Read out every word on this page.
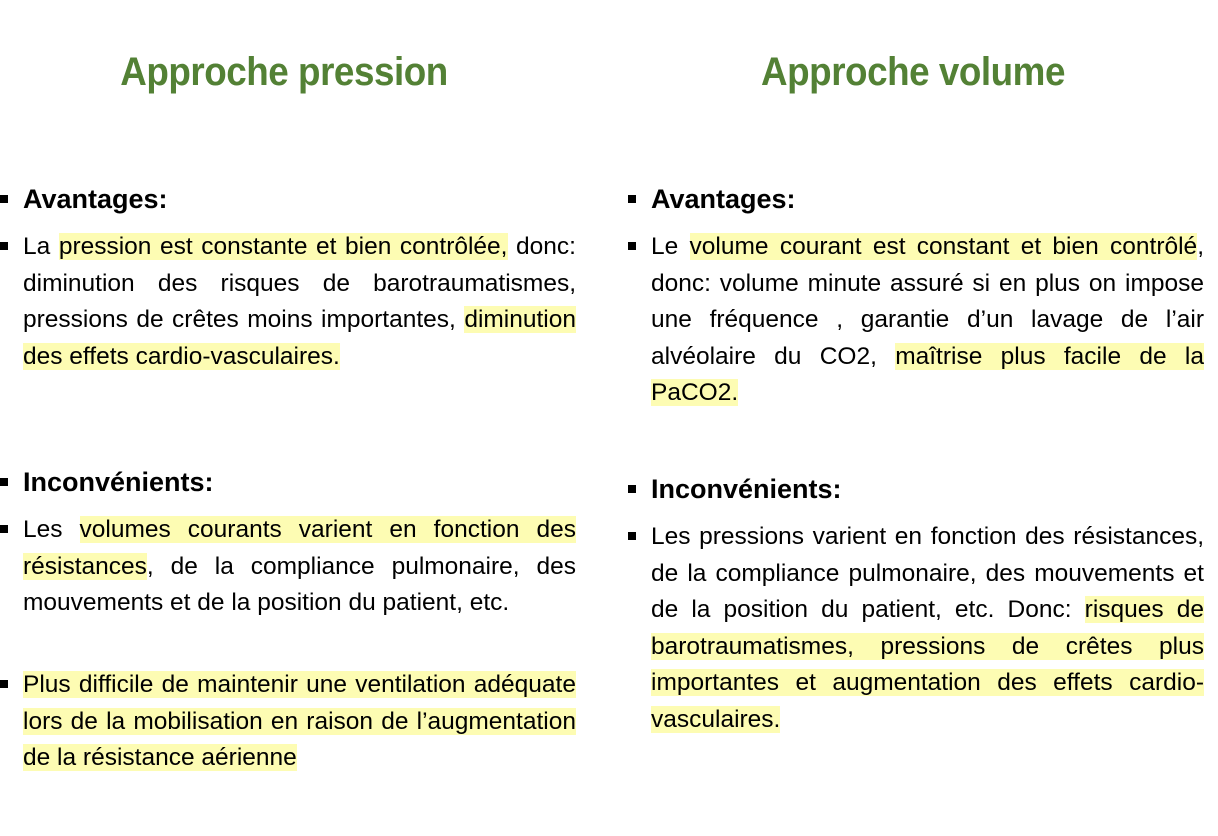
Approche pression
Avantages:
La pression est constante et bien contrôlée, donc: diminution des risques de barotraumatismes, pressions de crêtes moins importantes, diminution des effets cardio-vasculaires.
Inconvénients:
Les volumes courants varient en fonction des résistances, de la compliance pulmonaire, des mouvements et de la position du patient, etc.
Plus difficile de maintenir une ventilation adéquate lors de la mobilisation en raison de l’augmentation de la résistance aérienne
Approche volume
Avantages:
Le volume courant est constant et bien contrôlé, donc: volume minute assuré si en plus on impose une fréquence , garantie d’un lavage de l’air alvéolaire du CO2, maîtrise plus facile de la PaCO2.
Inconvénients:
Les pressions varient en fonction des résistances, de la compliance pulmonaire, des mouvements et de la position du patient, etc. Donc: risques de barotraumatismes, pressions de crêtes plus importantes et augmentation des effets cardio-vasculaires.
